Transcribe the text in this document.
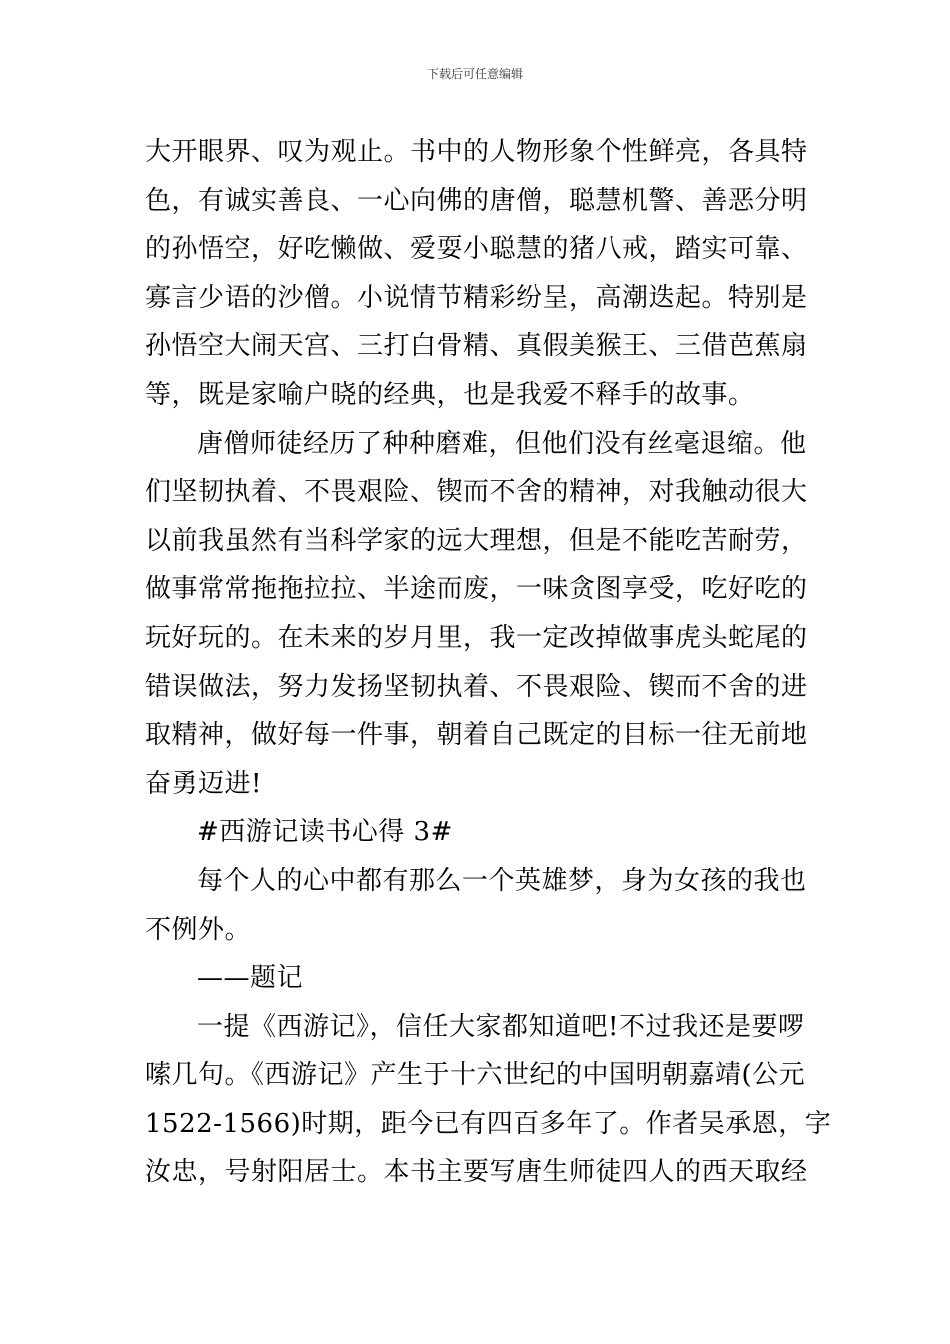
下载后可任意编辑
大开眼界、叹为观止。书中的人物形象个性鲜亮，各具特
色，有诚实善良、一心向佛的唐僧，聪慧机警、善恶分明
的孙悟空，好吃懒做、爱耍小聪慧的猪八戒，踏实可靠、
寡言少语的沙僧。小说情节精彩纷呈，高潮迭起。特别是
孙悟空大闹天宫、三打白骨精、真假美猴王、三借芭蕉扇
等，既是家喻户晓的经典，也是我爱不释手的故事。
唐僧师徒经历了种种磨难，但他们没有丝毫退缩。他
们坚韧执着、不畏艰险、锲而不舍的精神，对我触动很大
以前我虽然有当科学家的远大理想，但是不能吃苦耐劳，
做事常常拖拖拉拉、半途而废，一味贪图享受，吃好吃的
玩好玩的。在未来的岁月里，我一定改掉做事虎头蛇尾的
错误做法，努力发扬坚韧执着、不畏艰险、锲而不舍的进
取精神，做好每一件事，朝着自己既定的目标一往无前地
奋勇迈进!
#西游记读书心得 3#
每个人的心中都有那么一个英雄梦，身为女孩的我也
不例外。
——题记
一提《西游记》，信任大家都知道吧!不过我还是要啰
嗦几句。《西游记》产生于十六世纪的中国明朝嘉靖(公元
1522-1566)时期，距今已有四百多年了。作者吴承恩，字
汝忠，号射阳居士。本书主要写唐生师徒四人的西天取经
